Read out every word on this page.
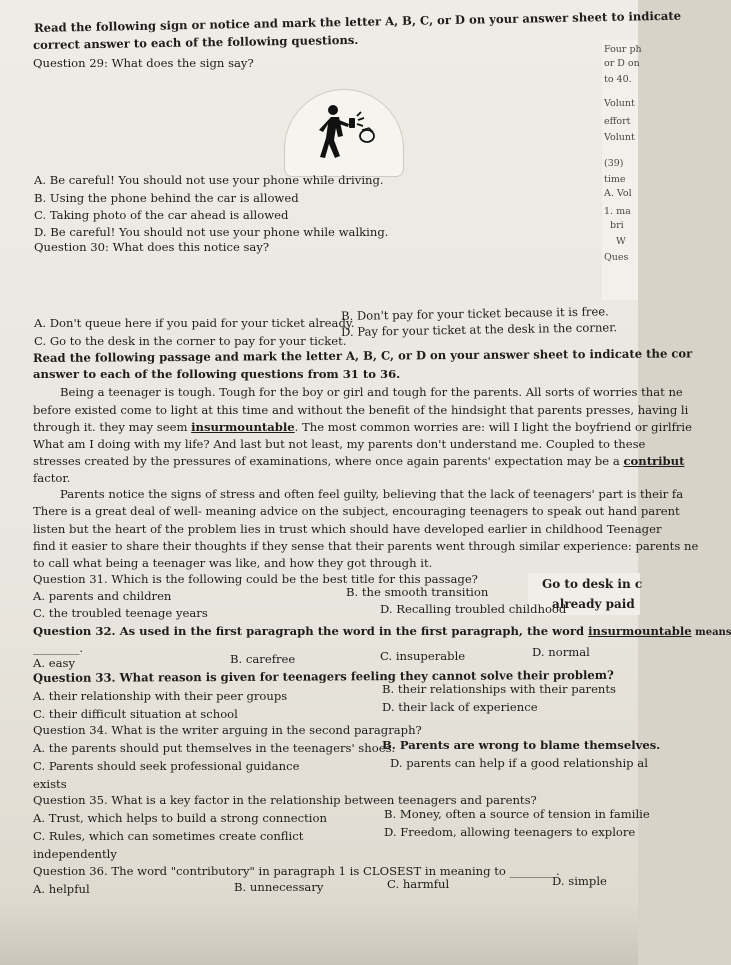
Read the following sign or notice and mark the letter A, B, C, or D on your answer sheet to indicate
correct answer to each of the following questions.
Question 29: What does the sign say?
A. Be careful! You should not use your phone while driving.
B. Using the phone behind the car is allowed
C. Taking photo of the car ahead is allowed
D. Be careful! You should not use your phone while walking.
Question 30: What does this notice say?
A. Don't queue here if you paid for your ticket already.
B. Don't pay for your ticket because it is free.
C. Go to the desk in the corner to pay for your ticket.
D. Pay for your ticket at the desk in the corner.
Read the following passage and mark the letter A, B, C, or D on your answer sheet to indicate the cor
answer to each of the following questions from 31 to 36.
Being a teenager is tough. Tough for the boy or girl and tough for the parents. All sorts of worries that ne
before existed come to light at this time and without the benefit of the hindsight that parents presses, having li
through it. they may seem insurmountable. The most common worries are: will I light the boyfriend or girlfrie
What am I doing with my life? And last but not least, my parents don't understand me. Coupled to these
stresses created by the pressures of examinations, where once again parents' expectation may be a contribut
factor.
Parents notice the signs of stress and often feel guilty, believing that the lack of teenagers' part is their fa
There is a great deal of well- meaning advice on the subject, encouraging teenagers to speak out hand parent
listen but the heart of the problem lies in trust which should have developed earlier in childhood Teenager
find it easier to share their thoughts if they sense that their parents went through similar experience: parents ne
to call what being a teenager was like, and how they got through it.
Go to desk in c
already paid
Question 31. Which is the following could be the best title for this passage?
A. parents and children	B. the smooth transition
C. the troubled teenage years	D. Recalling troubled childhood
Question 32. As used in the first paragraph the word in the first paragraph, the word insurmountable means
________.
A. easy	B. carefree	C. insuperable	D. normal
Question 33. What reason is given for teenagers feeling they cannot solve their problem?
A. their relationship with their peer groups	B. their relationships with their parents
C. their difficult situation at school	D. their lack of experience
Question 34. What is the writer arguing in the second paragraph?
A. the parents should put themselves in the teenagers' shoes.
B. Parents are wrong to blame themselves.
C. Parents should seek professional guidance	D. parents can help if a good relationship al
exists
Question 35. What is a key factor in the relationship between teenagers and parents?
A. Trust, which helps to build a strong connection	B. Money, often a source of tension in familie
C. Rules, which can sometimes create conflict	D. Freedom, allowing teenagers to explore
independently
Question 36. The word "contributory" in paragraph 1 is CLOSEST in meaning to ________.
A. helpful	B. unnecessary	C. harmful	D. simple
Four ph
or D on
to 40.
Volunt
effort
Volunt
(39)
time
A. Vol
1. ma
bri
W
Ques
